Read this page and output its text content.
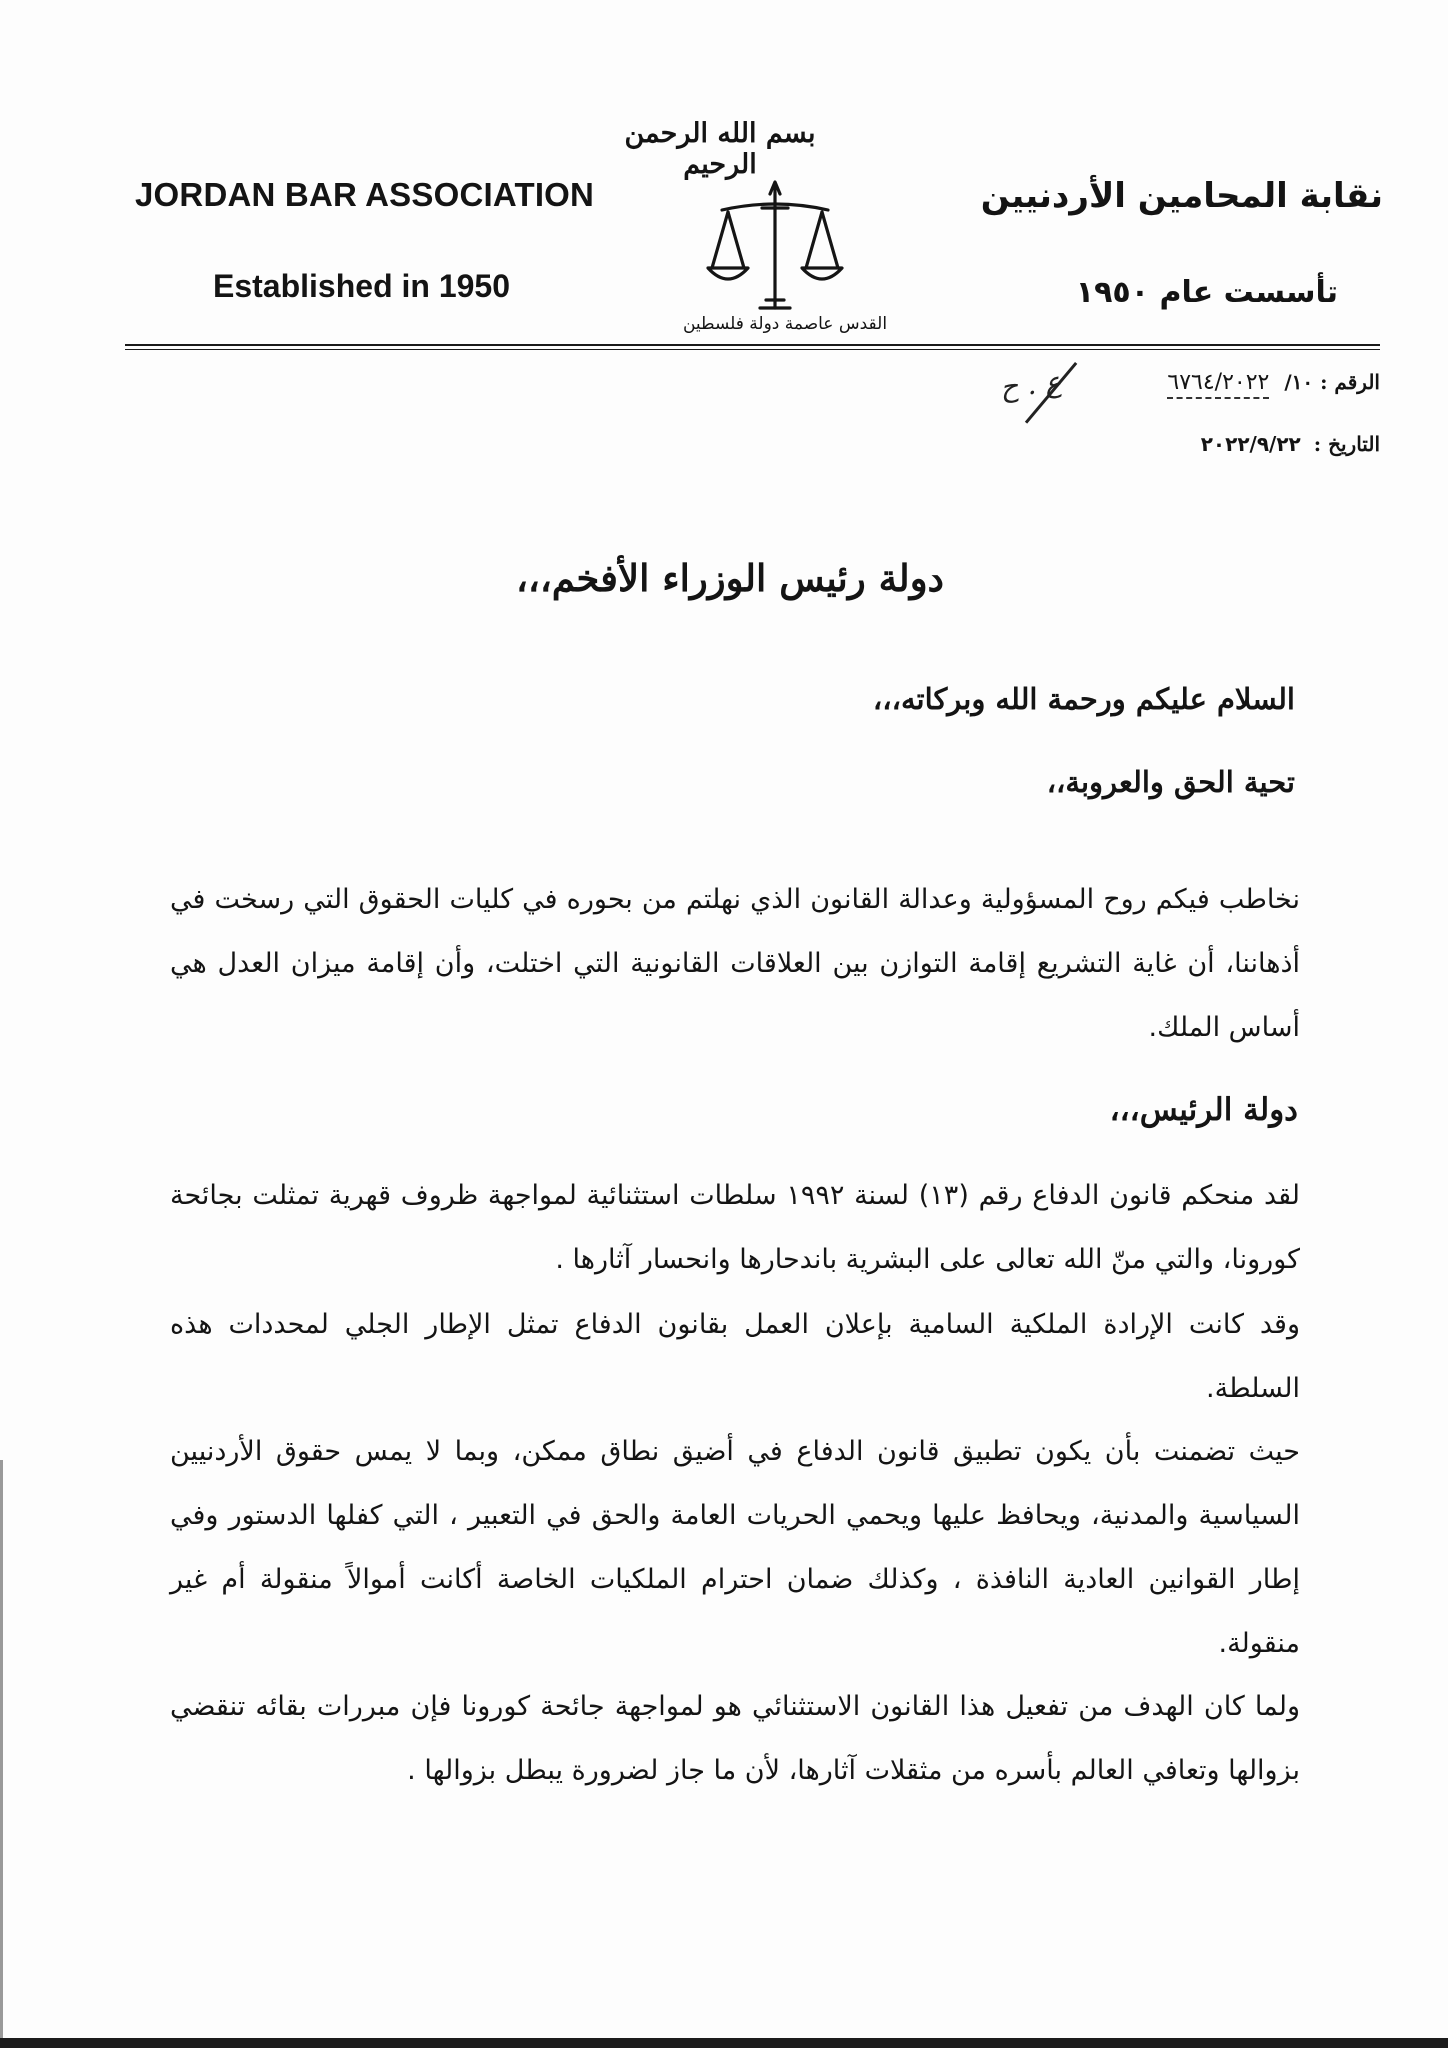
بسم الله الرحمن الرحيم
JORDAN BAR ASSOCIATION
Established in 1950
نقابة المحامين الأردنيين
تأسست عام ١٩٥٠
القدس عاصمة دولة فلسطين
الرقم : ١٠/ ٦٧٦٤/٢٠٢٢
ع . ح
التاريخ : ٢٠٢٢/٩/٢٢
دولة رئيس الوزراء الأفخم،،،
السلام عليكم ورحمة الله وبركاته،،،
تحية الحق والعروبة،،
نخاطب فيكم روح المسؤولية وعدالة القانون الذي نهلتم من بحوره في كليات الحقوق التي رسخت في أذهاننا، أن غاية التشريع إقامة التوازن بين العلاقات القانونية التي اختلت، وأن إقامة ميزان العدل هي أساس الملك.
دولة الرئيس،،،
لقد منحكم قانون الدفاع رقم (١٣) لسنة ١٩٩٢ سلطات استثنائية لمواجهة ظروف قهرية تمثلت بجائحة كورونا، والتي منّ الله تعالى على البشرية باندحارها وانحسار آثارها .
وقد كانت الإرادة الملكية السامية بإعلان العمل بقانون الدفاع تمثل الإطار الجلي لمحددات هذه السلطة.
حيث تضمنت بأن يكون تطبيق قانون الدفاع في أضيق نطاق ممكن، وبما لا يمس حقوق الأردنيين السياسية والمدنية، ويحافظ عليها ويحمي الحريات العامة والحق في التعبير ، التي كفلها الدستور وفي إطار القوانين العادية النافذة ، وكذلك ضمان احترام الملكيات الخاصة أكانت أموالاً منقولة أم غير منقولة.
ولما كان الهدف من تفعيل هذا القانون الاستثنائي هو لمواجهة جائحة كورونا فإن مبررات بقائه تنقضي بزوالها وتعافي العالم بأسره من مثقلات آثارها، لأن ما جاز لضرورة يبطل بزوالها .
